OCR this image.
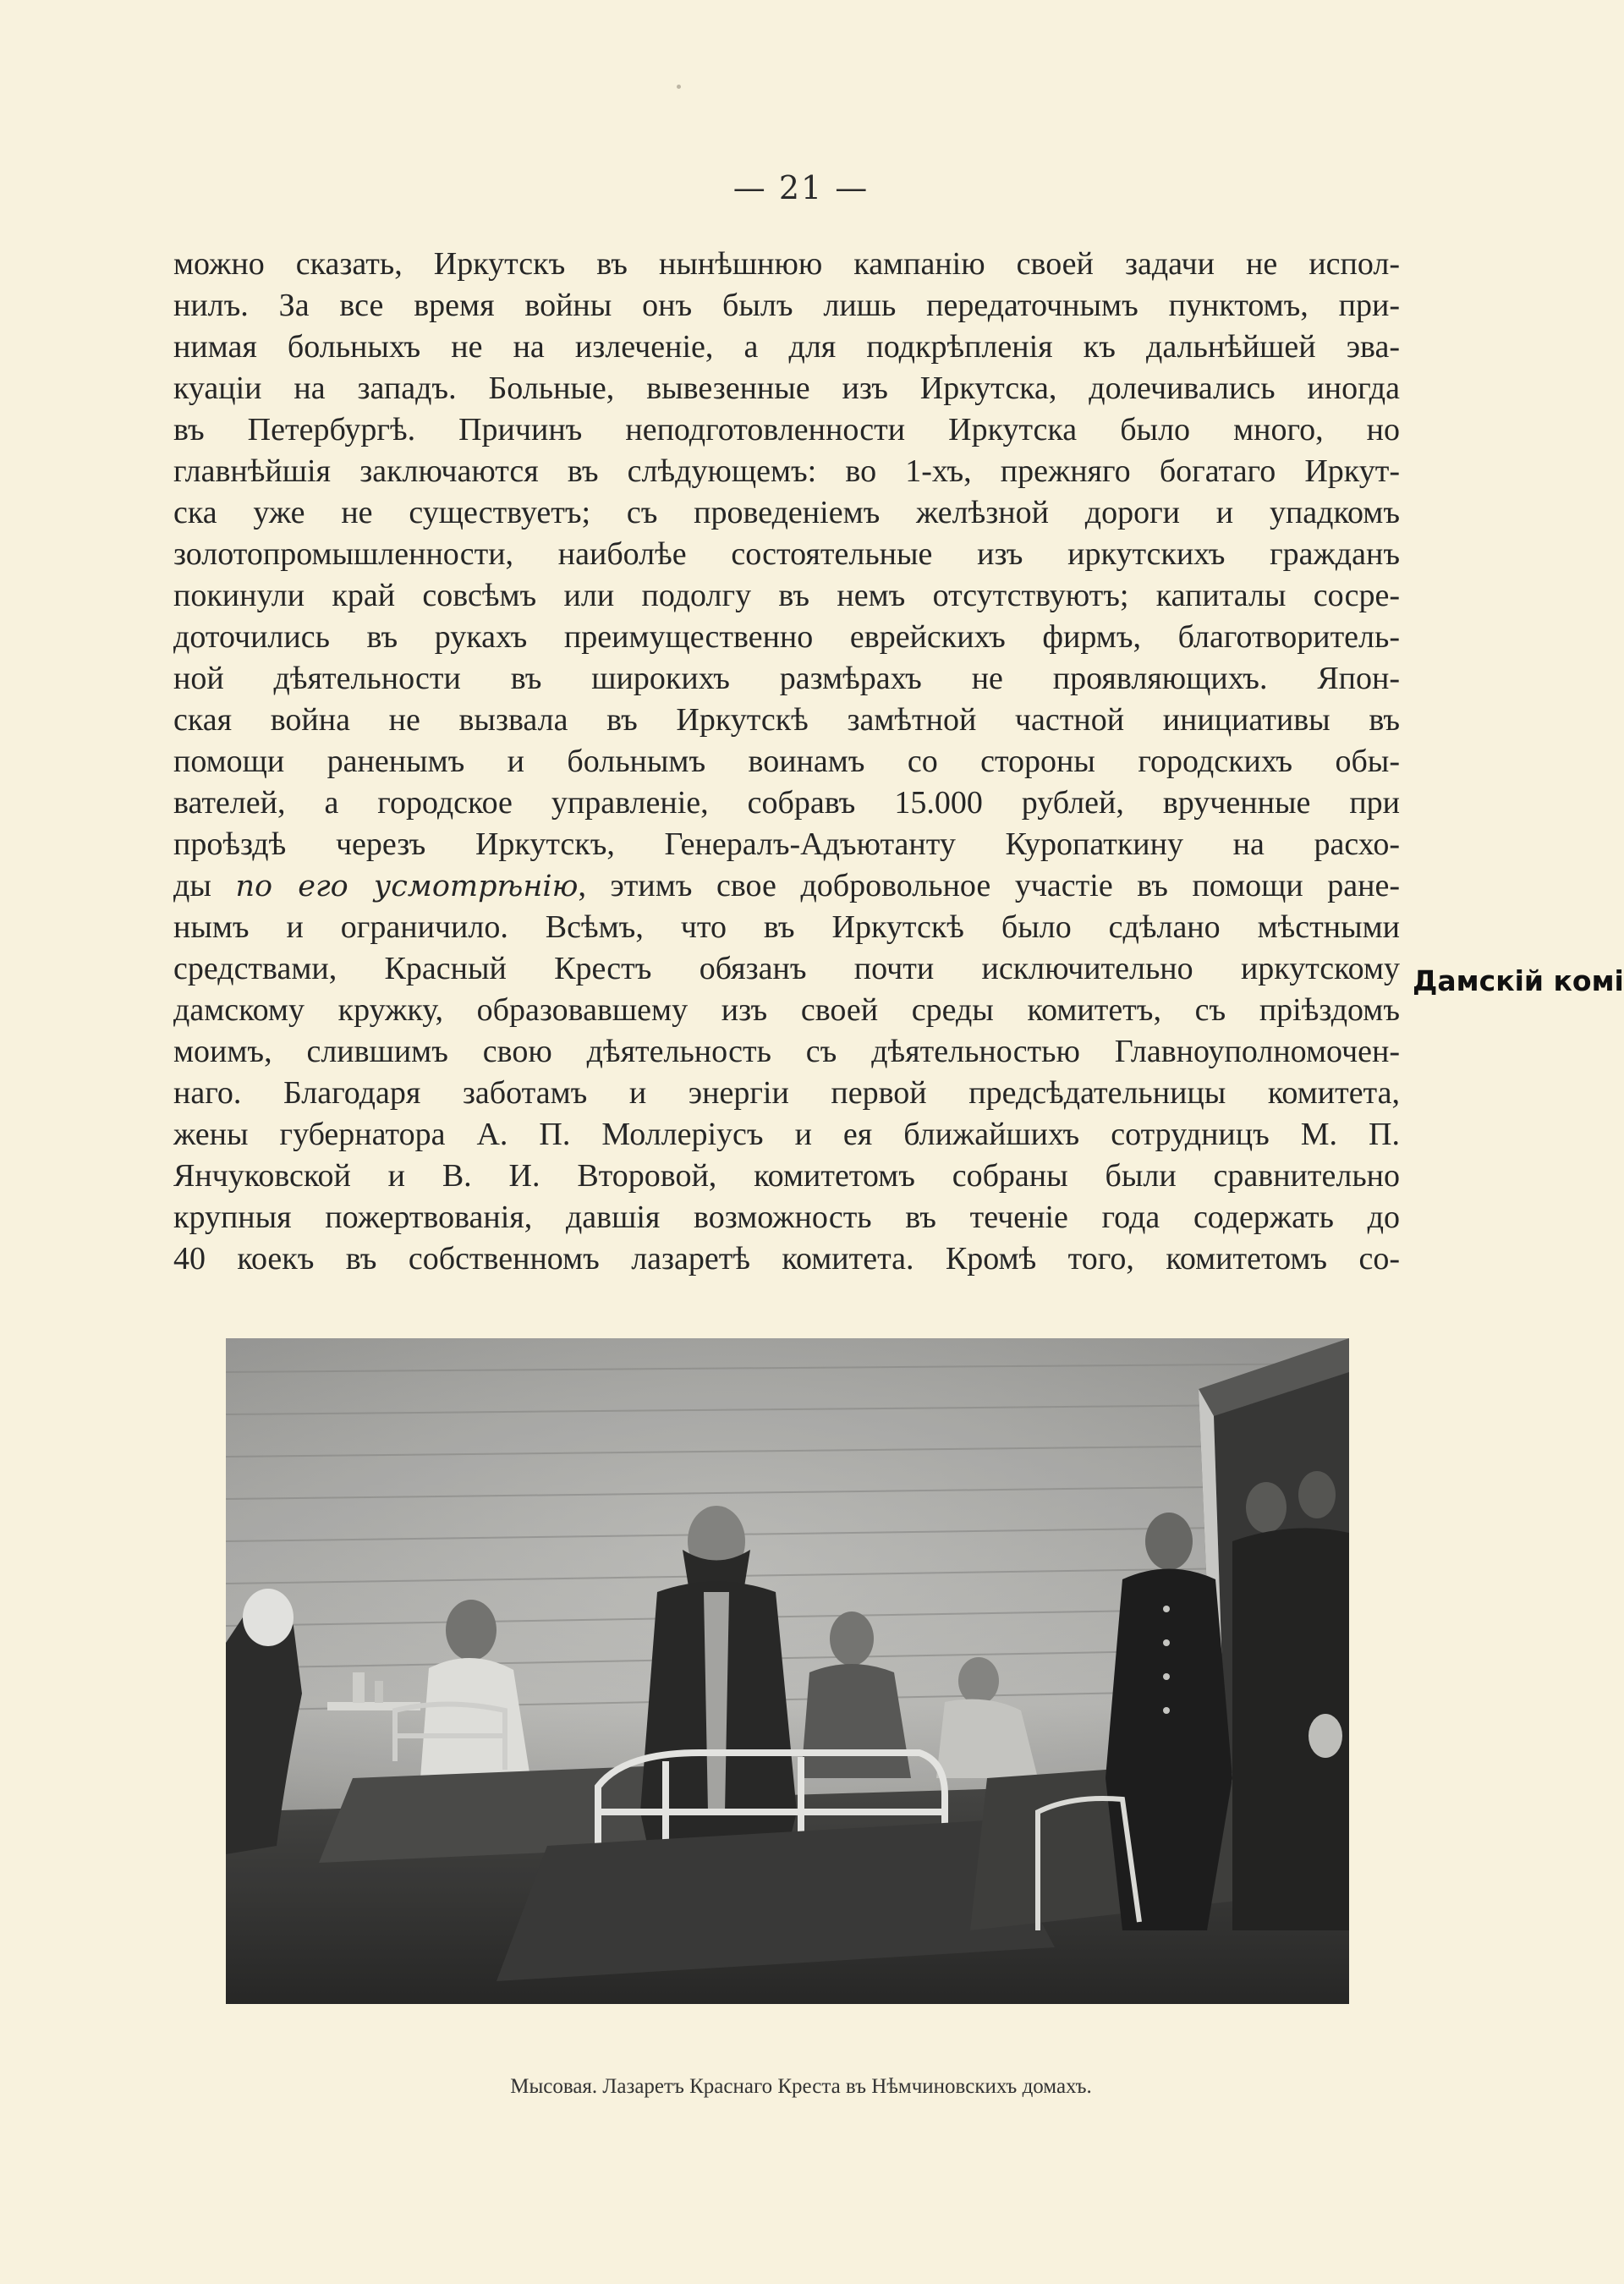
— 21 —
можно сказать, Иркутскъ въ нынѣшнюю кампанію своей задачи не испол-
нилъ. За все время войны онъ былъ лишь передаточнымъ пунктомъ, при-
нимая больныхъ не на излеченіе, а для подкрѣпленія къ дальнѣйшей эва-
куаціи на западъ. Больные, вывезенные изъ Иркутска, долечивались иногда
въ Петербургѣ. Причинъ неподготовленности Иркутска было много, но
главнѣйшія заключаются въ слѣдующемъ: во 1-хъ, прежняго богатаго Иркут-
ска уже не существуетъ; съ проведеніемъ желѣзной дороги и упадкомъ
золотопромышленности, наиболѣе состоятельные изъ иркутскихъ гражданъ
покинули край совсѣмъ или подолгу въ немъ отсутствуютъ; капиталы сосре-
доточились въ рукахъ преимущественно еврейскихъ фирмъ, благотворитель-
ной дѣятельности въ широкихъ размѣрахъ не проявляющихъ. Япон-
ская война не вызвала въ Иркутскѣ замѣтной частной инициативы въ
помощи раненымъ и больнымъ воинамъ со стороны городскихъ обы-
вателей, а городское управленіе, собравъ 15.000 рублей, врученные при
проѣздѣ черезъ Иркутскъ, Генералъ-Адъютанту Куропаткину на расхо-
ды по его усмотрѣнію, этимъ свое добровольное участіе въ помощи ране-
нымъ и ограничило. Всѣмъ, что въ Иркутскѣ было сдѣлано мѣстными
средствами, Красный Крестъ обязанъ почти исключительно иркутскому
дамскому кружку, образовавшему изъ своей среды комитетъ, съ пріѣздомъ
моимъ, слившимъ свою дѣятельность съ дѣятельностью Главноуполномочен-
наго. Благодаря заботамъ и энергіи первой предсѣдательницы комитета,
жены губернатора А. П. Моллеріусъ и ея ближайшихъ сотрудницъ М. П.
Янчуковской и В. И. Второвой, комитетомъ собраны были сравнительно
крупныя пожертвованія, давшія возможность въ теченіе года содержать до
40 коекъ въ собственномъ лазаретѣ комитета. Кромѣ того, комитетомъ со-
Дамскій комі
Мысовая. Лазаретъ Краснаго Креста въ Нѣмчиновскихъ домахъ.
